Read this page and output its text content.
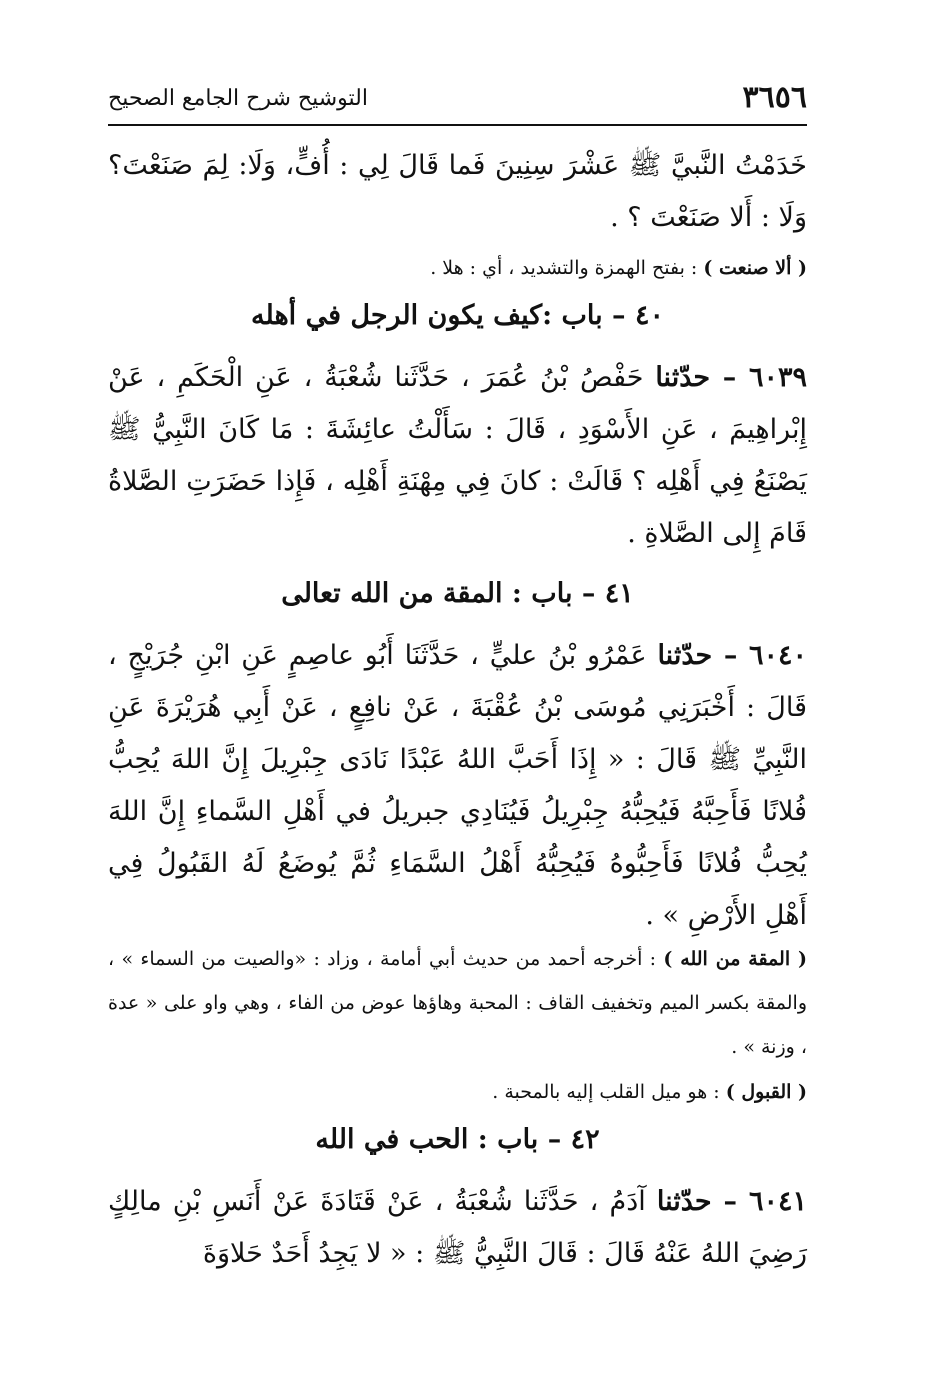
٣٦٥٦
التوشيح شرح الجامع الصحيح
خَدَمْتُ النَّبيَّ ﷺ عَشْرَ سِنِينَ فَما قَالَ لِي : أُفٍّ، وَلَا: لِمَ صَنَعْتَ؟ وَلَا : أَلا صَنَعْتَ ؟ .
( ألا صنعت ) : بفتح الهمزة والتشديد ، أي : هلا .
٤٠ – باب :كيف يكون الرجل في أهله
٦٠٣٩ – حدّثنا حَفْصُ بْنُ عُمَرَ ، حَدَّثَنا شُعْبَةُ ، عَنِ الْحَكَمِ ، عَنْ إِبْراهِيمَ ، عَنِ الأَسْوَدِ ، قَالَ : سَأَلْتُ عائِشَةَ : مَا كَانَ النَّبِيُّ ﷺ يَصْنَعُ فِي أَهْلِه ؟ قَالَتْ : كانَ فِي مِهْنَةِ أَهْلِه ، فَإِذا حَضَرَتِ الصَّلاةُ قَامَ إِلى الصَّلاةِ .
٤١ – باب : المقة من الله تعالى
٦٠٤٠ – حدّثنا عَمْرُو بْنُ عليٍّ ، حَدَّثَنَا أَبُو عاصِمٍ عَنِ ابْنِ جُرَيْجٍ ، قَالَ : أَخْبَرَنِي مُوسَى بْنُ عُقْبَةَ ، عَنْ نافِعٍ ، عَنْ أَبِي هُرَيْرَةَ عَنِ النَّبِيِّ ﷺ قَالَ : « إِذَا أَحَبَّ اللهُ عَبْدًا نَادَى جِبْرِيلَ إِنَّ اللهَ يُحِبُّ فُلانًا فَأَحِبَّهُ فَيُحِبُّهُ جِبْرِيلُ فَيُنَادِي جبريلُ في أَهْلِ السَّماءِ إِنَّ اللهَ يُحِبُّ فُلانًا فَأَحِبُّوهُ فَيُحِبُّهُ أَهْلُ السَّمَاءِ ثُمَّ يُوضَعُ لَهُ القَبُولُ فِي أَهْلِ الأَرْضِ » .
( المقة من الله ) : أخرجه أحمد من حديث أبي أمامة ، وزاد : «والصيت من السماء » ، والمقة بكسر الميم وتخفيف القاف : المحبة وهاؤها عوض من الفاء ، وهي واو على « عدة ، وزنة » .
( القبول ) : هو ميل القلب إليه بالمحبة .
٤٢ – باب : الحب في الله
٦٠٤١ – حدّثنا آدَمُ ، حَدَّثَنا شُعْبَةُ ، عَنْ قَتَادَةَ عَنْ أَنَسِ بْنِ مالِكٍ رَضِيَ اللهُ عَنْهُ قَالَ : قَالَ النَّبِيُّ ﷺ : « لا يَجِدُ أَحَدٌ حَلاوَةَ
